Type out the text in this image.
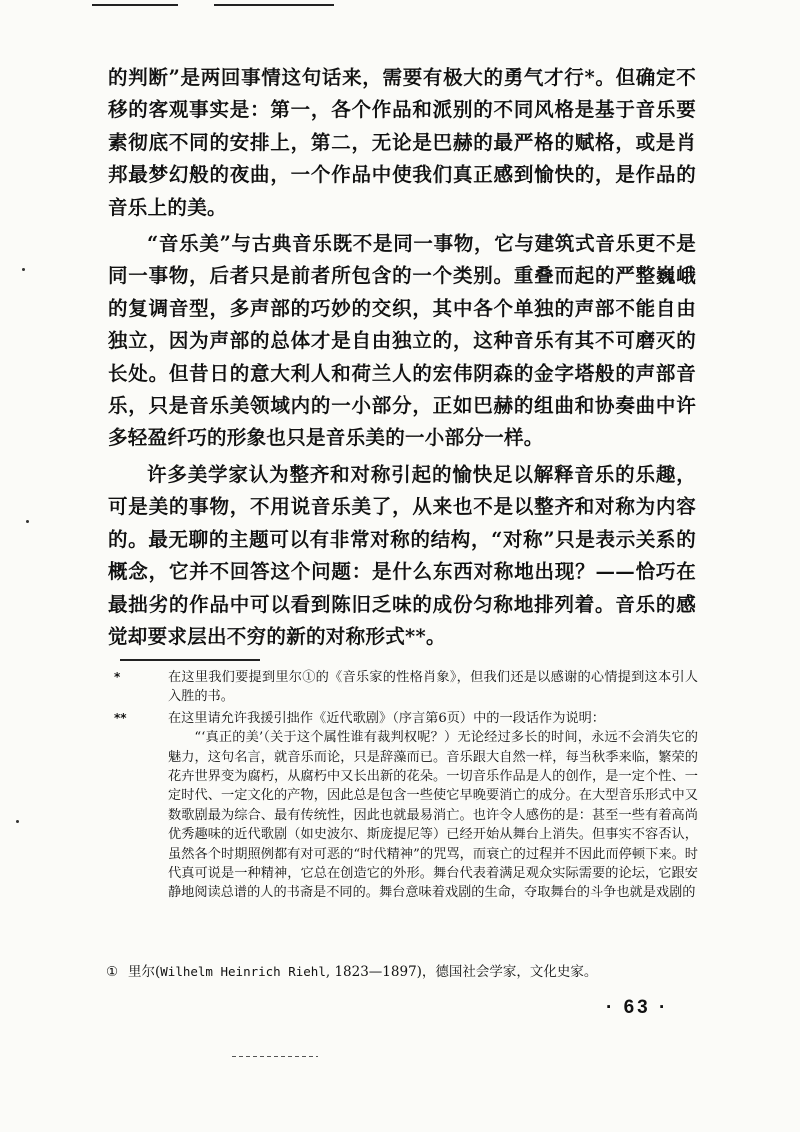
的判断”是两回事情这句话来，需要有极大的勇气才行*。但确定不移的客观事实是：第一，各个作品和派别的不同风格是基于音乐要素彻底不同的安排上，第二，无论是巴赫的最严格的赋格，或是肖邦最梦幻般的夜曲，一个作品中使我们真正感到愉快的，是作品的音乐上的美。

“音乐美”与古典音乐既不是同一事物，它与建筑式音乐更不是同一事物，后者只是前者所包含的一个类别。重叠而起的严整巍峨的复调音型，多声部的巧妙的交织，其中各个单独的声部不能自由独立，因为声部的总体才是自由独立的，这种音乐有其不可磨灭的长处。但昔日的意大利人和荷兰人的宏伟阴森的金字塔般的声部音乐，只是音乐美领域内的一小部分，正如巴赫的组曲和协奏曲中许多轻盈纤巧的形象也只是音乐美的一小部分一样。

许多美学家认为整齐和对称引起的愉快足以解释音乐的乐趣，可是美的事物，不用说音乐美了，从来也不是以整齐和对称为内容的。最无聊的主题可以有非常对称的结构，“对称”只是表示关系的概念，它并不回答这个问题：是什么东西对称地出现？——恰巧在最拙劣的作品中可以看到陈旧乏味的成份匀称地排列着。音乐的感觉却要求层出不穷的新的对称形式**。

*	在这里我们要提到里尔①的《音乐家的性格肖象》，但我们还是以感谢的心情提到这本引人入胜的书。
**	在这里请允许我援引拙作《近代歌剧》（序言第6页）中的一段话作为说明：
“‘真正的美’（关于这个属性谁有裁判权呢？）无论经过多长的时间，永远不会消失它的魅力，这句名言，就音乐而论，只是辞藻而已。音乐跟大自然一样，每当秋季来临，繁荣的花卉世界变为腐朽，从腐朽中又长出新的花朵。一切音乐作品是人的创作，是一定个性、一定时代、一定文化的产物，因此总是包含一些使它早晚要消亡的成分。在大型音乐形式中又数歌剧最为综合、最有传统性，因此也就最易消亡。也许令人感伤的是：甚至一些有着高尚优秀趣味的近代歌剧（如史波尔、斯庞提尼等）已经开始从舞台上消失。但事实不容否认，虽然各个时期照例都有对可恶的“时代精神”的咒骂，而衰亡的过程并不因此而停顿下来。时代真可说是一种精神，它总在创造它的外形。舞台代表着满足观众实际需要的论坛，它跟安静地阅读总谱的人的书斋是不同的。舞台意味着戏剧的生命，夺取舞台的斗争也就是戏剧的
① 里尔(Wilhelm Heinrich Riehl, 1823—1897)，德国社会学家，文化史家。
· 63 ·
